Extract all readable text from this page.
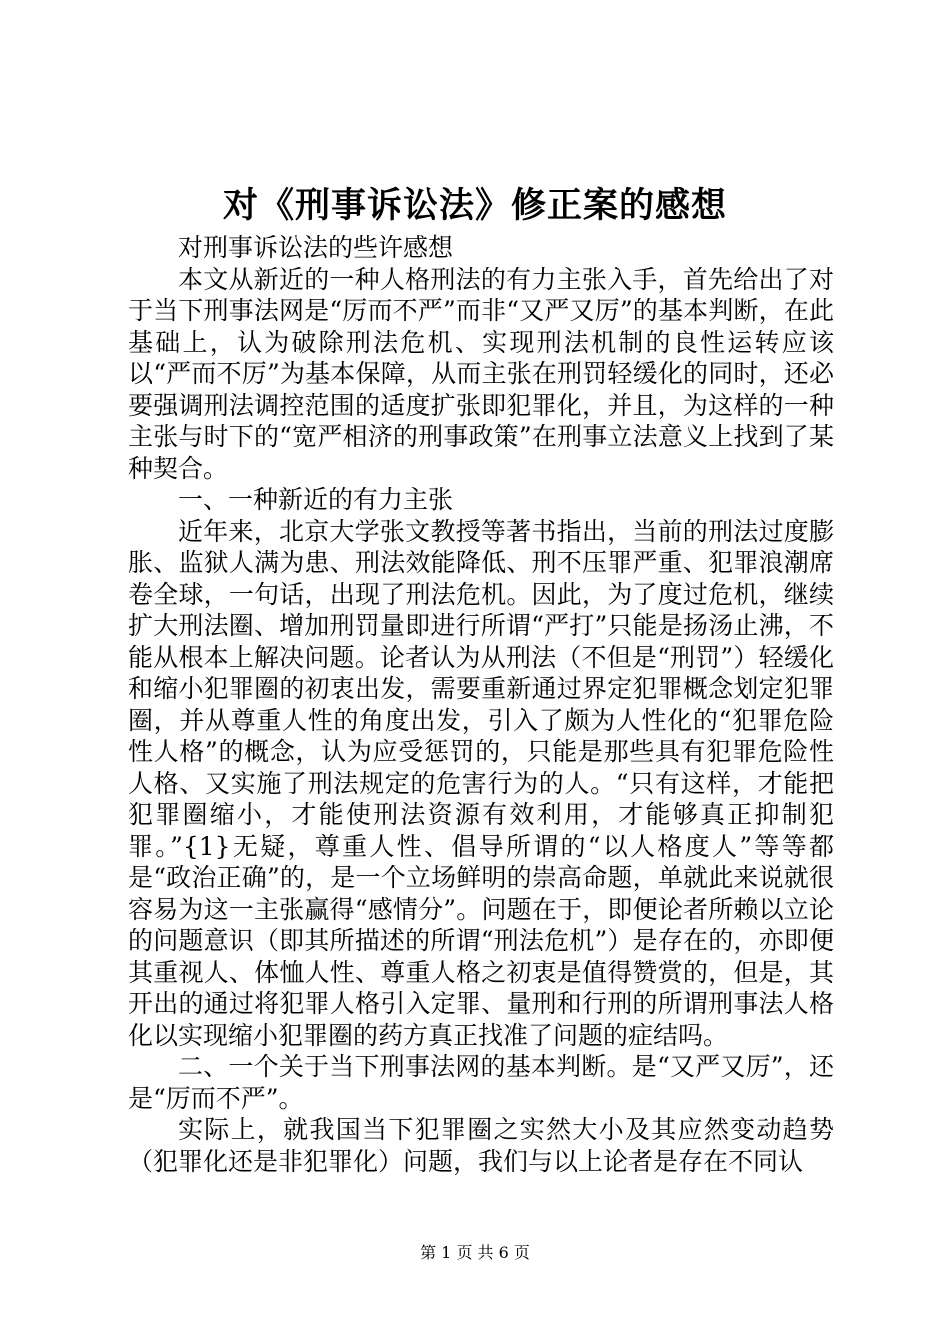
对《刑事诉讼法》修正案的感想

对刑事诉讼法的些许感想

本文从新近的一种人格刑法的有力主张入手，首先给出了对于当下刑事法网是“厉而不严”而非“又严又厉”的基本判断，在此基础上，认为破除刑法危机、实现刑法机制的良性运转应该以“严而不厉”为基本保障，从而主张在刑罚轻缓化的同时，还必要强调刑法调控范围的适度扩张即犯罪化，并且，为这样的一种主张与时下的“宽严相济的刑事政策”在刑事立法意义上找到了某种契合。

一、一种新近的有力主张

近年来，北京大学张文教授等著书指出，当前的刑法过度膨胀、监狱人满为患、刑法效能降低、刑不压罪严重、犯罪浪潮席卷全球，一句话，出现了刑法危机。因此，为了度过危机，继续扩大刑法圈、增加刑罚量即进行所谓“严打”只能是扬汤止沸，不能从根本上解决问题。论者认为从刑法（不但是“刑罚”）轻缓化和缩小犯罪圈的初衷出发，需要重新通过界定犯罪概念划定犯罪圈，并从尊重人性的角度出发，引入了颇为人性化的“犯罪危险性人格”的概念，认为应受惩罚的，只能是那些具有犯罪危险性人格、又实施了刑法规定的危害行为的人。“只有这样，才能把犯罪圈缩小，才能使刑法资源有效利用，才能够真正抑制犯罪。”{1}无疑，尊重人性、倡导所谓的“以人格度人”等等都是“政治正确”的，是一个立场鲜明的崇高命题，单就此来说就很容易为这一主张赢得“感情分”。问题在于，即便论者所赖以立论的问题意识（即其所描述的所谓“刑法危机”）是存在的，亦即便其重视人、体恤人性、尊重人格之初衷是值得赞赏的，但是，其开出的通过将犯罪人格引入定罪、量刑和行刑的所谓刑事法人格化以实现缩小犯罪圈的药方真正找准了问题的症结吗。

二、一个关于当下刑事法网的基本判断。是“又严又厉”，还是“厉而不严”。

实际上，就我国当下犯罪圈之实然大小及其应然变动趋势（犯罪化还是非犯罪化）问题，我们与以上论者是存在不同认

第 1 页 共 6 页
